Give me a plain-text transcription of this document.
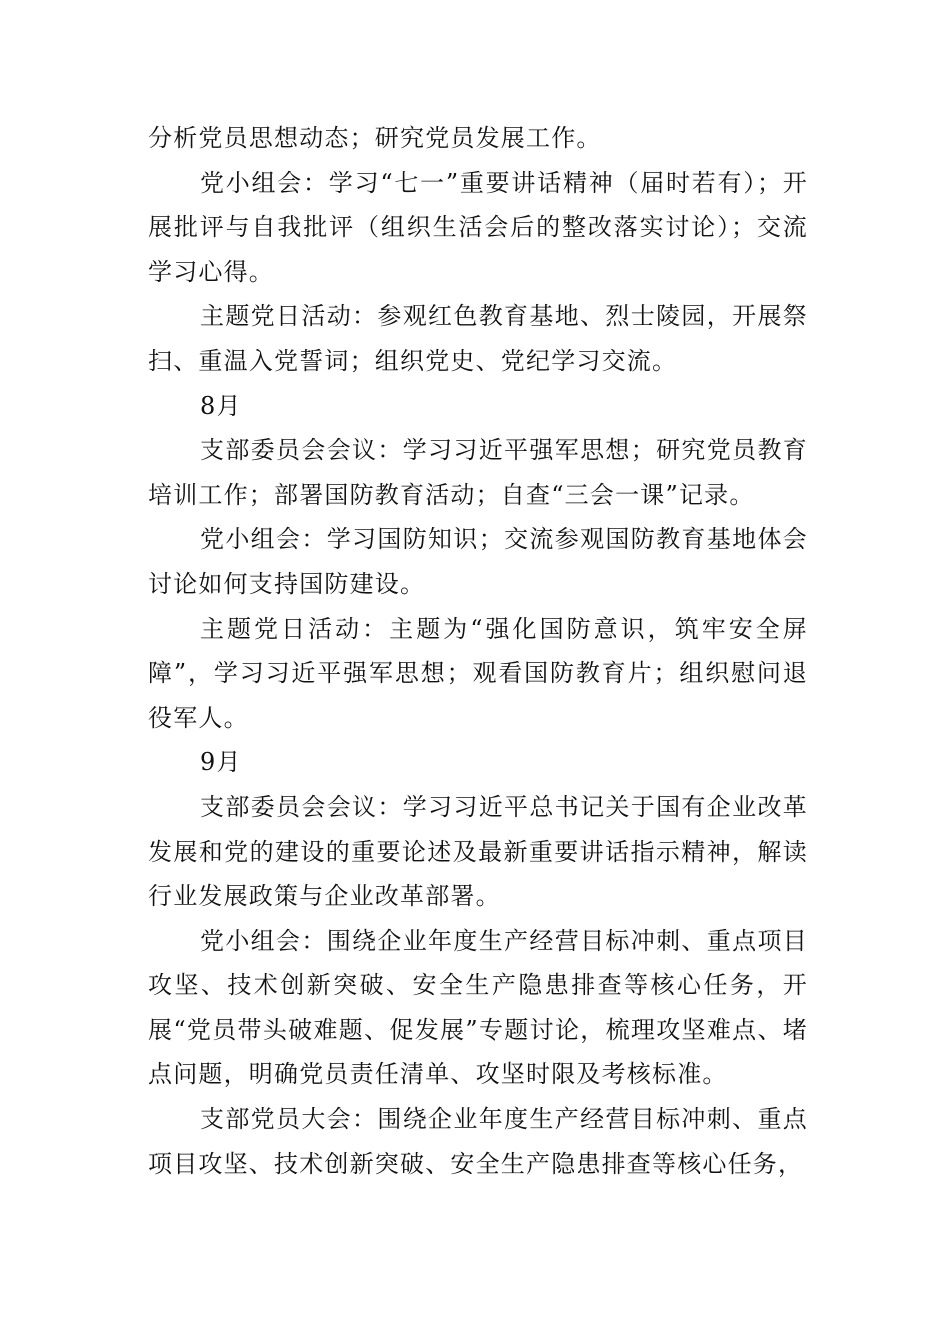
分析党员思想动态；研究党员发展工作。

党小组会：学习“七一”重要讲话精神（届时若有）；开展批评与自我批评（组织生活会后的整改落实讨论）；交流学习心得。

主题党日活动：参观红色教育基地、烈士陵园，开展祭扫、重温入党誓词；组织党史、党纪学习交流。

8月

支部委员会会议：学习习近平强军思想；研究党员教育培训工作；部署国防教育活动；自查“三会一课”记录。

党小组会：学习国防知识；交流参观国防教育基地体会讨论如何支持国防建设。

主题党日活动：主题为“强化国防意识，筑牢安全屏障”，学习习近平强军思想；观看国防教育片；组织慰问退役军人。

9月

支部委员会会议：学习习近平总书记关于国有企业改革发展和党的建设的重要论述及最新重要讲话指示精神，解读行业发展政策与企业改革部署。

党小组会：围绕企业年度生产经营目标冲刺、重点项目攻坚、技术创新突破、安全生产隐患排查等核心任务，开展“党员带头破难题、促发展”专题讨论，梳理攻坚难点、堵点问题，明确党员责任清单、攻坚时限及考核标准。

支部党员大会：围绕企业年度生产经营目标冲刺、重点项目攻坚、技术创新突破、安全生产隐患排查等核心任务，
